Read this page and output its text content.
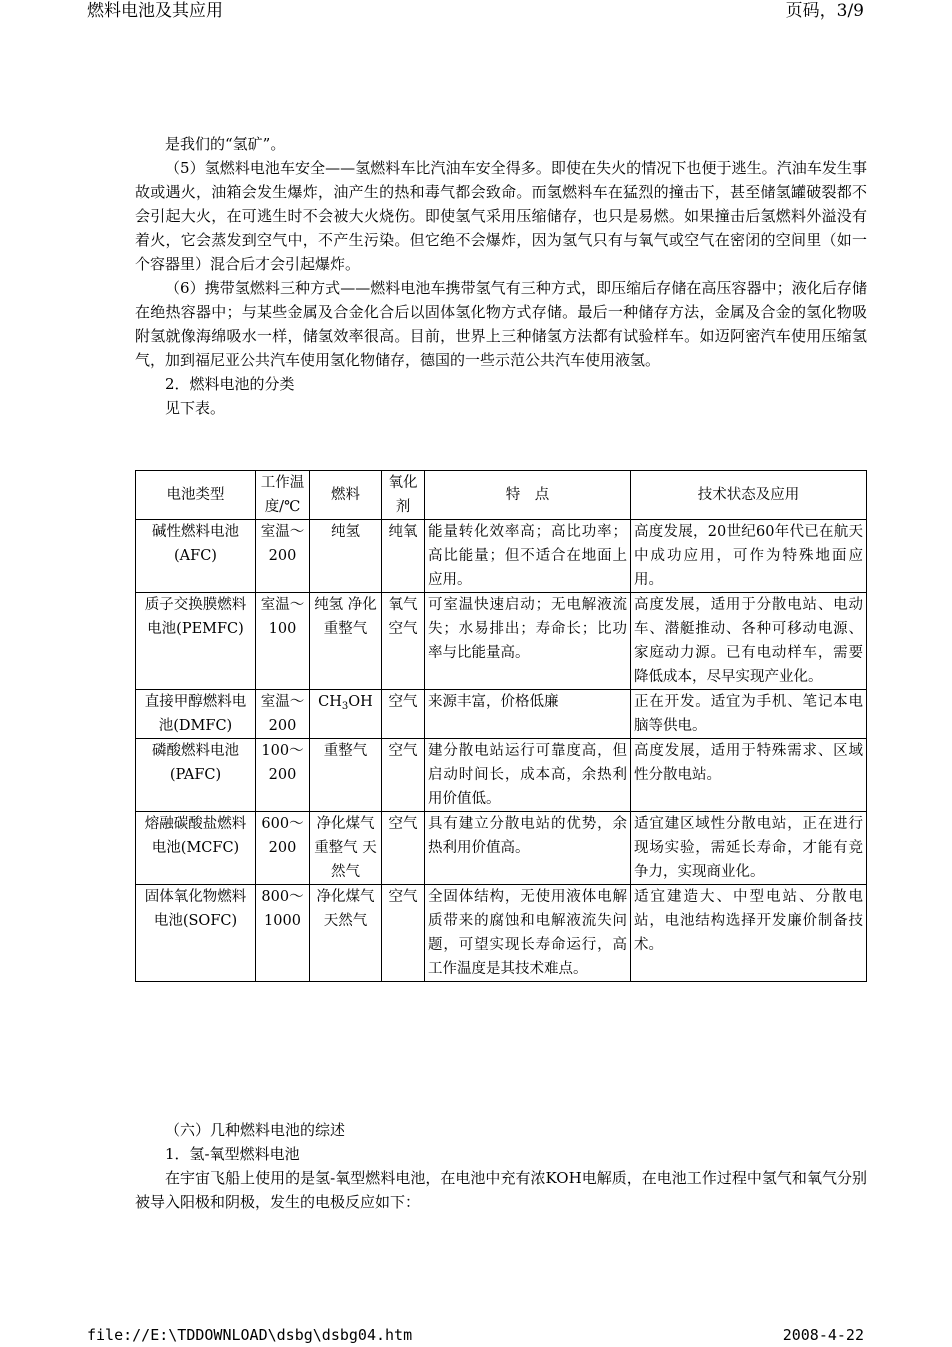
燃料电池及其应用	页码，3/9

是我们的“氢矿”。

（5）氢燃料电池车安全——氢燃料车比汽油车安全得多。即使在失火的情况下也便于逃生。汽油车发生事故或遇火，油箱会发生爆炸，油产生的热和毒气都会致命。而氢燃料车在猛烈的撞击下，甚至储氢罐破裂都不会引起大火，在可逃生时不会被大火烧伤。即使氢气采用压缩储存，也只是易燃。如果撞击后氢燃料外溢没有着火，它会蒸发到空气中，不产生污染。但它绝不会爆炸，因为氢气只有与氧气或空气在密闭的空间里（如一个容器里）混合后才会引起爆炸。

（6）携带氢燃料三种方式——燃料电池车携带氢气有三种方式，即压缩后存储在高压容器中；液化后存储在绝热容器中；与某些金属及合金化合后以固体氢化物方式存储。最后一种储存方法，金属及合金的氢化物吸附氢就像海绵吸水一样，储氢效率很高。目前，世界上三种储氢方法都有试验样车。如迈阿密汽车使用压缩氢气，加到福尼亚公共汽车使用氢化物储存，德国的一些示范公共汽车使用液氢。

2．燃料电池的分类

见下表。

电池类型	工作温度/℃	燃料	氧化剂	特　点	技术状态及应用
碱性燃料电池(AFC)	室温～200	纯氢	纯氧	能量转化效率高；高比功率；高比能量；但不适合在地面上应用。	高度发展，20世纪60年代已在航天中成功应用，可作为特殊地面应用。
质子交换膜燃料电池(PEMFC)	室温～100	纯氢 净化重整气	氧气空气	可室温快速启动；无电解液流失；水易排出；寿命长；比功率与比能量高。	高度发展，适用于分散电站、电动车、潜艇推动、各种可移动电源、家庭动力源。已有电动样车，需要降低成本，尽早实现产业化。
直接甲醇燃料电池(DMFC)	室温～200	$CH_3OH$	空气	来源丰富，价格低廉	正在开发。适宜为手机、笔记本电脑等供电。
磷酸燃料电池(PAFC)	100～200	重整气	空气	建分散电站运行可靠度高，但启动时间长，成本高，余热利用价值低。	高度发展，适用于特殊需求、区域性分散电站。
熔融碳酸盐燃料电池(MCFC)	600～200	净化煤气 重整气 天然气	空气	具有建立分散电站的优势，余热利用价值高。	适宜建区域性分散电站，正在进行现场实验，需延长寿命，才能有竞争力，实现商业化。
固体氧化物燃料电池(SOFC)	800～1000	净化煤气 天然气	空气	全固体结构，无使用液体电解质带来的腐蚀和电解液流失问题，可望实现长寿命运行，高工作温度是其技术难点。	适宜建造大、中型电站、分散电站，电池结构选择开发廉价制备技术。

（六）几种燃料电池的综述

1．氢-氧型燃料电池

在宇宙飞船上使用的是氢-氧型燃料电池，在电池中充有浓KOH电解质，在电池工作过程中氢气和氧气分别被导入阳极和阴极，发生的电极反应如下：

file://E:\TDDOWNLOAD\dsbg\dsbg04.htm	2008-4-22
